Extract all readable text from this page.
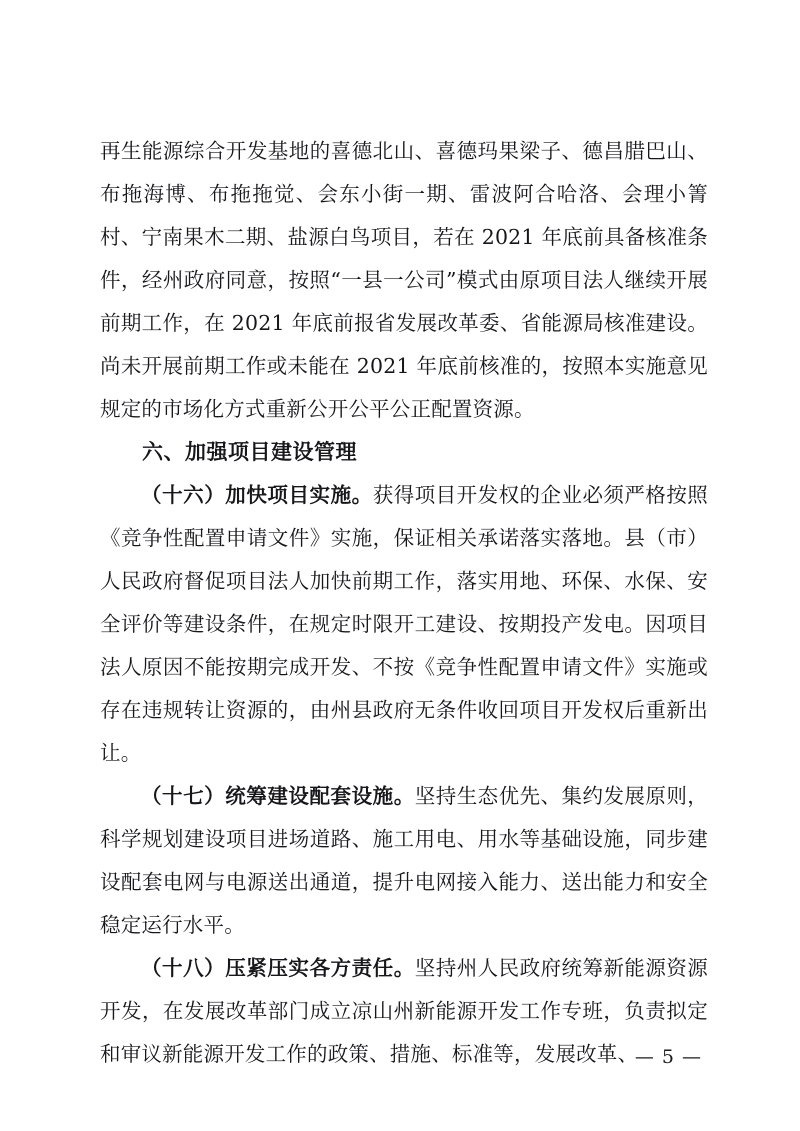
再生能源综合开发基地的喜德北山、喜德玛果梁子、德昌腊巴山、布拖海博、布拖拖觉、会东小街一期、雷波阿合哈洛、会理小箐村、宁南果木二期、盐源白鸟项目，若在 2021 年底前具备核准条件，经州政府同意，按照“一县一公司”模式由原项目法人继续开展前期工作，在 2021 年底前报省发展改革委、省能源局核准建设。尚未开展前期工作或未能在 2021 年底前核准的，按照本实施意见规定的市场化方式重新公开公平公正配置资源。

六、加强项目建设管理

（十六）加快项目实施。获得项目开发权的企业必须严格按照《竞争性配置申请文件》实施，保证相关承诺落实落地。县（市）人民政府督促项目法人加快前期工作，落实用地、环保、水保、安全评价等建设条件，在规定时限开工建设、按期投产发电。因项目法人原因不能按期完成开发、不按《竞争性配置申请文件》实施或存在违规转让资源的，由州县政府无条件收回项目开发权后重新出让。

（十七）统筹建设配套设施。坚持生态优先、集约发展原则，科学规划建设项目进场道路、施工用电、用水等基础设施，同步建设配套电网与电源送出通道，提升电网接入能力、送出能力和安全稳定运行水平。

（十八）压紧压实各方责任。坚持州人民政府统筹新能源资源开发，在发展改革部门成立凉山州新能源开发工作专班，负责拟定和审议新能源开发工作的政策、措施、标准等，发展改革、

— 5 —
